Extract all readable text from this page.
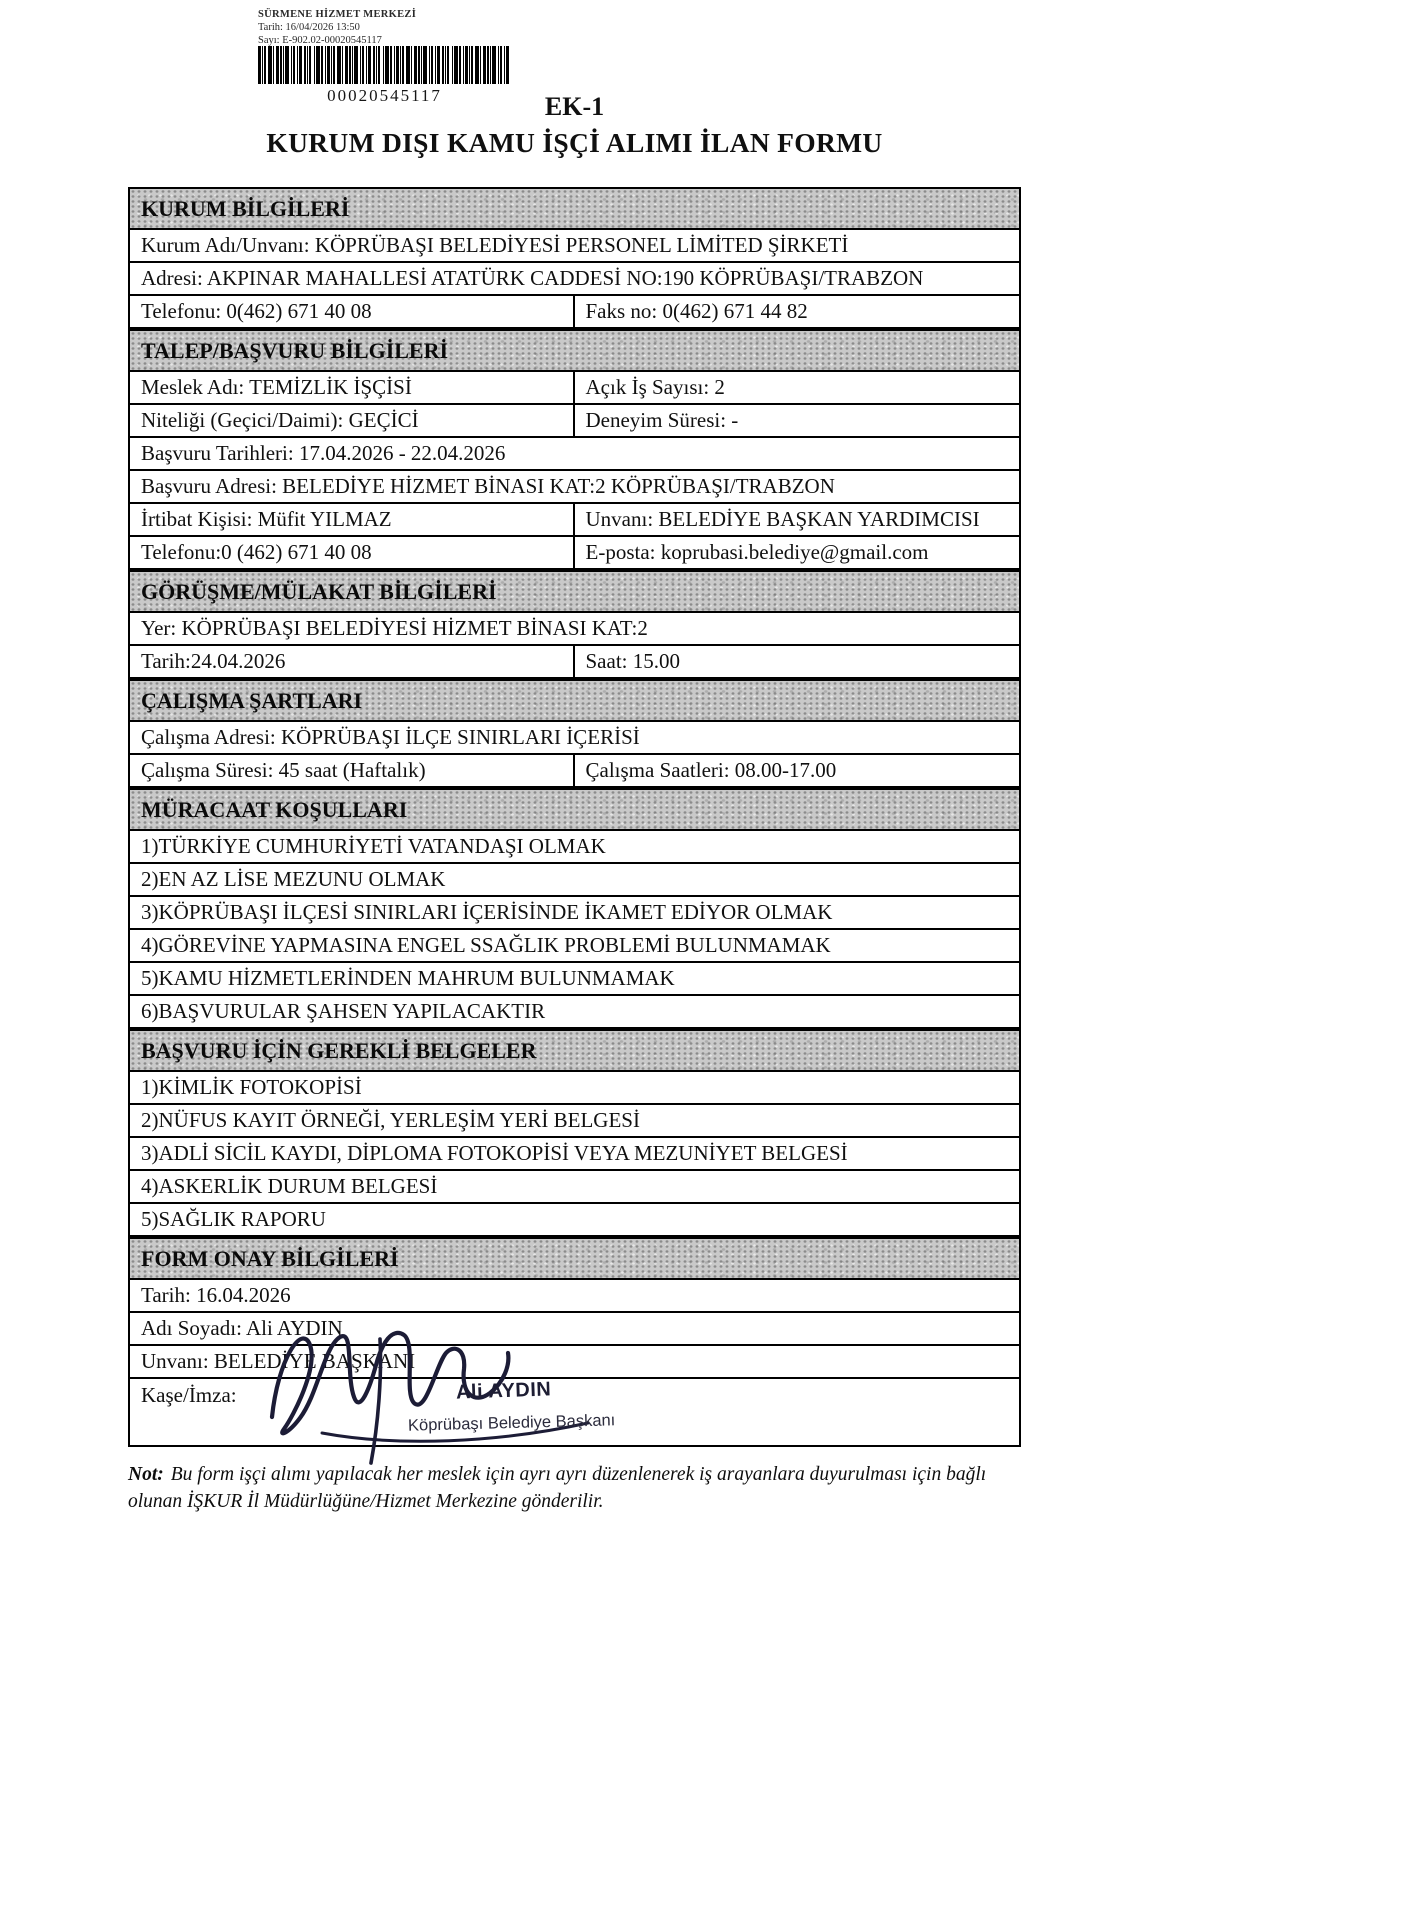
SÜRMENE HİZMET MERKEZİ
Tarih: 16/04/2026 13:50
Sayı: E-902.02-00020545117
00020545117	EK-1
KURUM DIŞI KAMU İŞÇİ ALIMI İLAN FORMU
KURUM BİLGİLERİ
Kurum Adı/Unvanı: KÖPRÜBAŞI BELEDİYESİ PERSONEL LİMİTED ŞİRKETİ
Adresi: AKPINAR MAHALLESİ ATATÜRK CADDESİ NO:190 KÖPRÜBAŞI/TRABZON
Telefonu: 0(462) 671 40 08	Faks no: 0(462) 671 44 82
TALEP/BAŞVURU BİLGİLERİ
Meslek Adı: TEMİZLİK İŞÇİSİ	Açık İş Sayısı: 2
Niteliği (Geçici/Daimi): GEÇİCİ	Deneyim Süresi: -
Başvuru Tarihleri: 17.04.2026 - 22.04.2026
Başvuru Adresi: BELEDİYE HİZMET BİNASI KAT:2 KÖPRÜBAŞI/TRABZON
İrtibat Kişisi: Müfit YILMAZ	Unvanı: BELEDİYE BAŞKAN YARDIMCISI
Telefonu:0 (462) 671 40 08	E-posta: koprubasi.belediye@gmail.com
GÖRÜŞME/MÜLAKAT BİLGİLERİ
Yer: KÖPRÜBAŞI BELEDİYESİ HİZMET BİNASI KAT:2
Tarih:24.04.2026	Saat: 15.00
ÇALIŞMA ŞARTLARI
Çalışma Adresi: KÖPRÜBAŞI İLÇE SINIRLARI İÇERİSİ
Çalışma Süresi: 45 saat (Haftalık)	Çalışma Saatleri: 08.00-17.00
MÜRACAAT KOŞULLARI
1)TÜRKİYE CUMHURİYETİ VATANDAŞI OLMAK
2)EN AZ LİSE MEZUNU OLMAK
3)KÖPRÜBAŞI İLÇESİ SINIRLARI İÇERİSİNDE İKAMET EDİYOR OLMAK
4)GÖREVİNE YAPMASINA ENGEL SSAĞLIK PROBLEMİ BULUNMAMAK
5)KAMU HİZMETLERİNDEN MAHRUM BULUNMAMAK
6)BAŞVURULAR ŞAHSEN YAPILACAKTIR
BAŞVURU İÇİN GEREKLİ BELGELER
1)KİMLİK FOTOKOPİSİ
2)NÜFUS KAYIT ÖRNEĞİ, YERLEŞİM YERİ BELGESİ
3)ADLİ SİCİL KAYDI, DİPLOMA FOTOKOPİSİ VEYA MEZUNİYET BELGESİ
4)ASKERLİK DURUM BELGESİ
5)SAĞLIK RAPORU
FORM ONAY BİLGİLERİ
Tarih: 16.04.2026
Adı Soyadı: Ali AYDIN
Unvanı: BELEDİYE BAŞKANI
Kaşe/İmza:	Ali AYDIN
Köprübaşı Belediye Başkanı
Not: Bu form işçi alımı yapılacak her meslek için ayrı ayrı düzenlenerek iş arayanlara duyurulması için bağlı olunan İŞKUR İl Müdürlüğüne/Hizmet Merkezine gönderilir.
